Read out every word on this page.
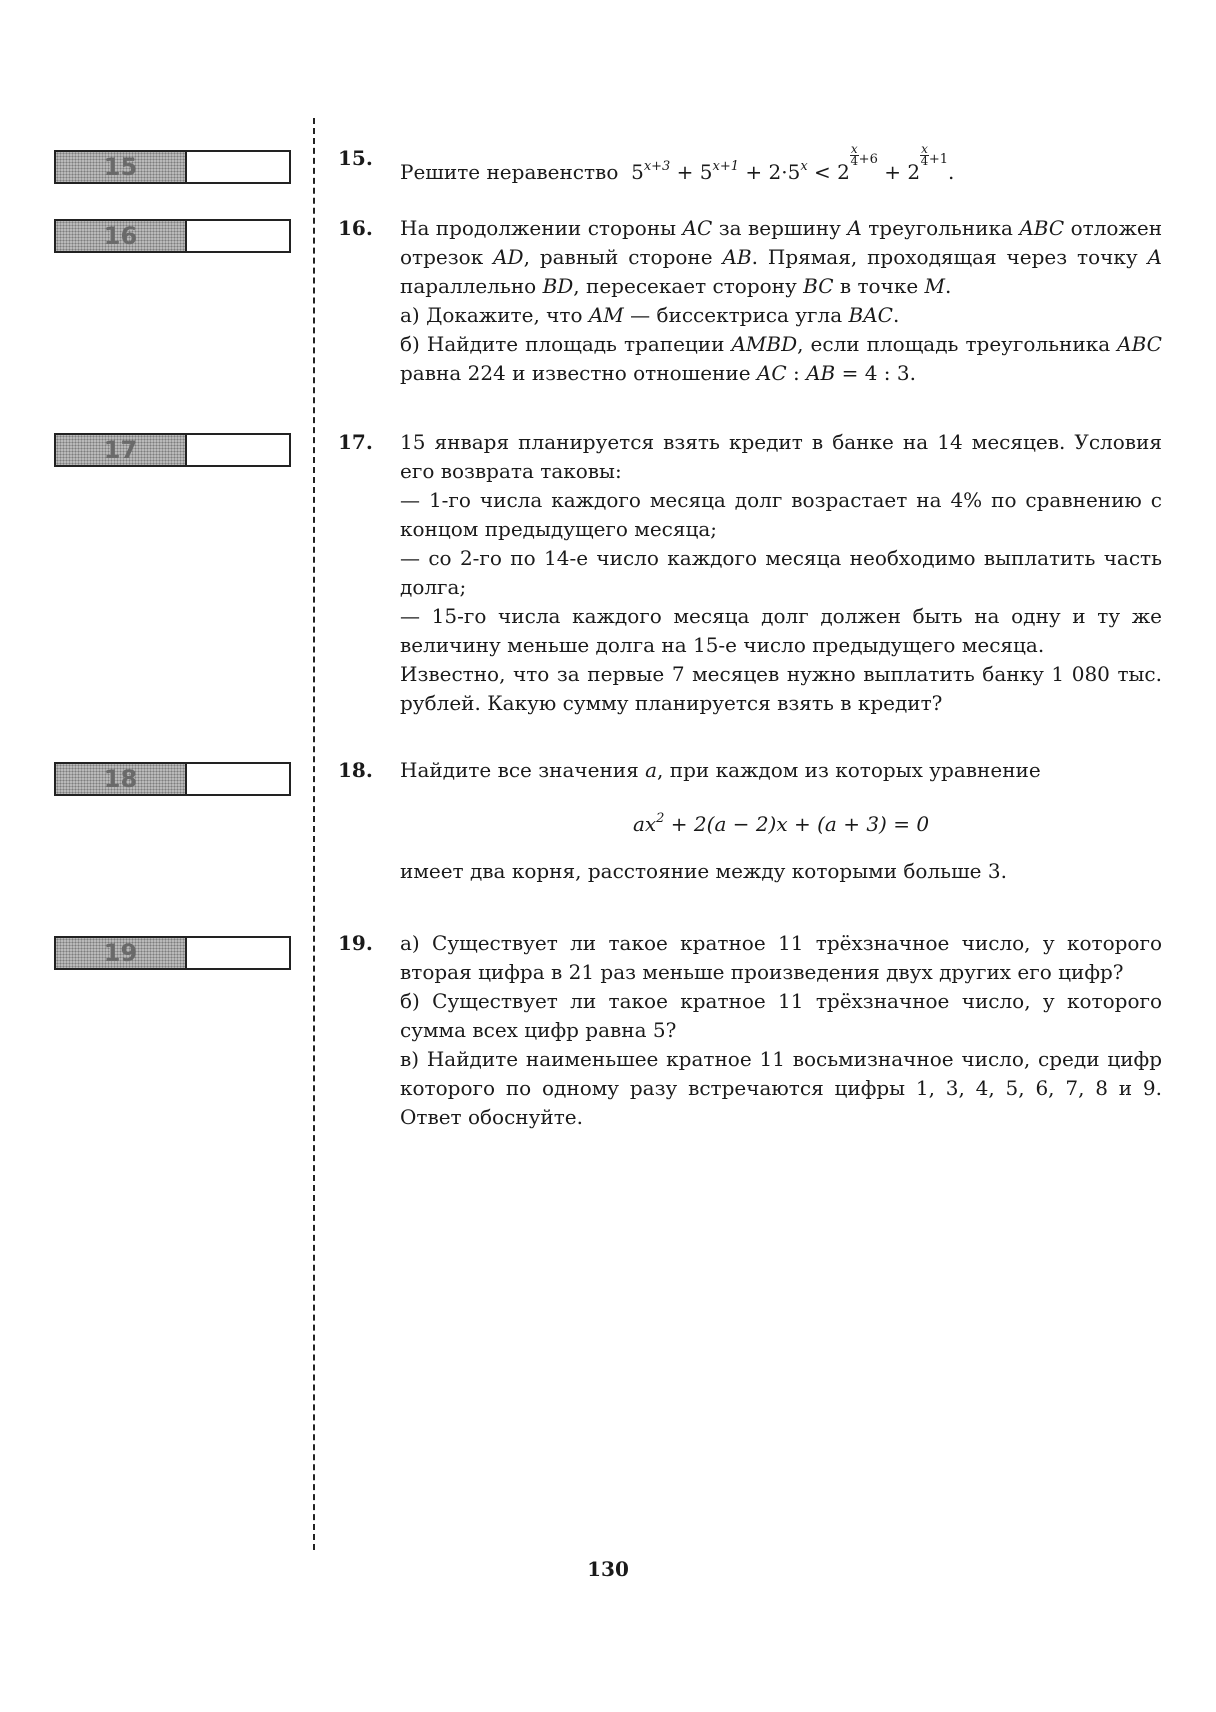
15
16
17
18
19
15.

Решите неравенство $5^{x+3} + 5^{x+1} + 2\cdot 5^x < 2$
$\frac{x}{4} ^{+6} + 2$
$\frac{x}{4} ^{+1}$.

16. На продолжении стороны AC за вершину A треугольника ABC отложен отрезок AD, равный стороне AB. Прямая, проходящая через точку A параллельно BD, пересекает сторону BC в точке M.

а) Докажите, что AM — биссектриса угла BAC.

б) Найдите площадь трапеции AMBD, если площадь треугольника ABC равна 224 и известно отношение AC : AB = 4 : 3.

17. 15 января планируется взять кредит в банке на 14 месяцев. Условия его возврата таковы:

— 1-го числа каждого месяца долг возрастает на 4% по сравнению с концом предыдущего месяца;

— со 2-го по 14-е число каждого месяца необходимо выплатить часть долга;

— 15-го числа каждого месяца долг должен быть на одну и ту же величину меньше долга на 15-е число предыдущего месяца.

Известно, что за первые 7 месяцев нужно выплатить банку 1 080 тыс. рублей. Какую сумму планируется взять в кредит?

18. Найдите все значения a, при каждом из которых уравнение

$ax^2 + 2(a - 2)x + (a + 3) = 0$

имеет два корня, расстояние между которыми больше 3.

19. а) Существует ли такое кратное 11 трёхзначное число, у которого вторая цифра в 21 раз меньше произведения двух других его цифр?

б) Существует ли такое кратное 11 трёхзначное число, у которого сумма всех цифр равна 5?

в) Найдите наименьшее кратное 11 восьмизначное число, среди цифр которого по одному разу встречаются цифры 1, 3, 4, 5, 6, 7, 8 и 9. Ответ обоснуйте.

130
